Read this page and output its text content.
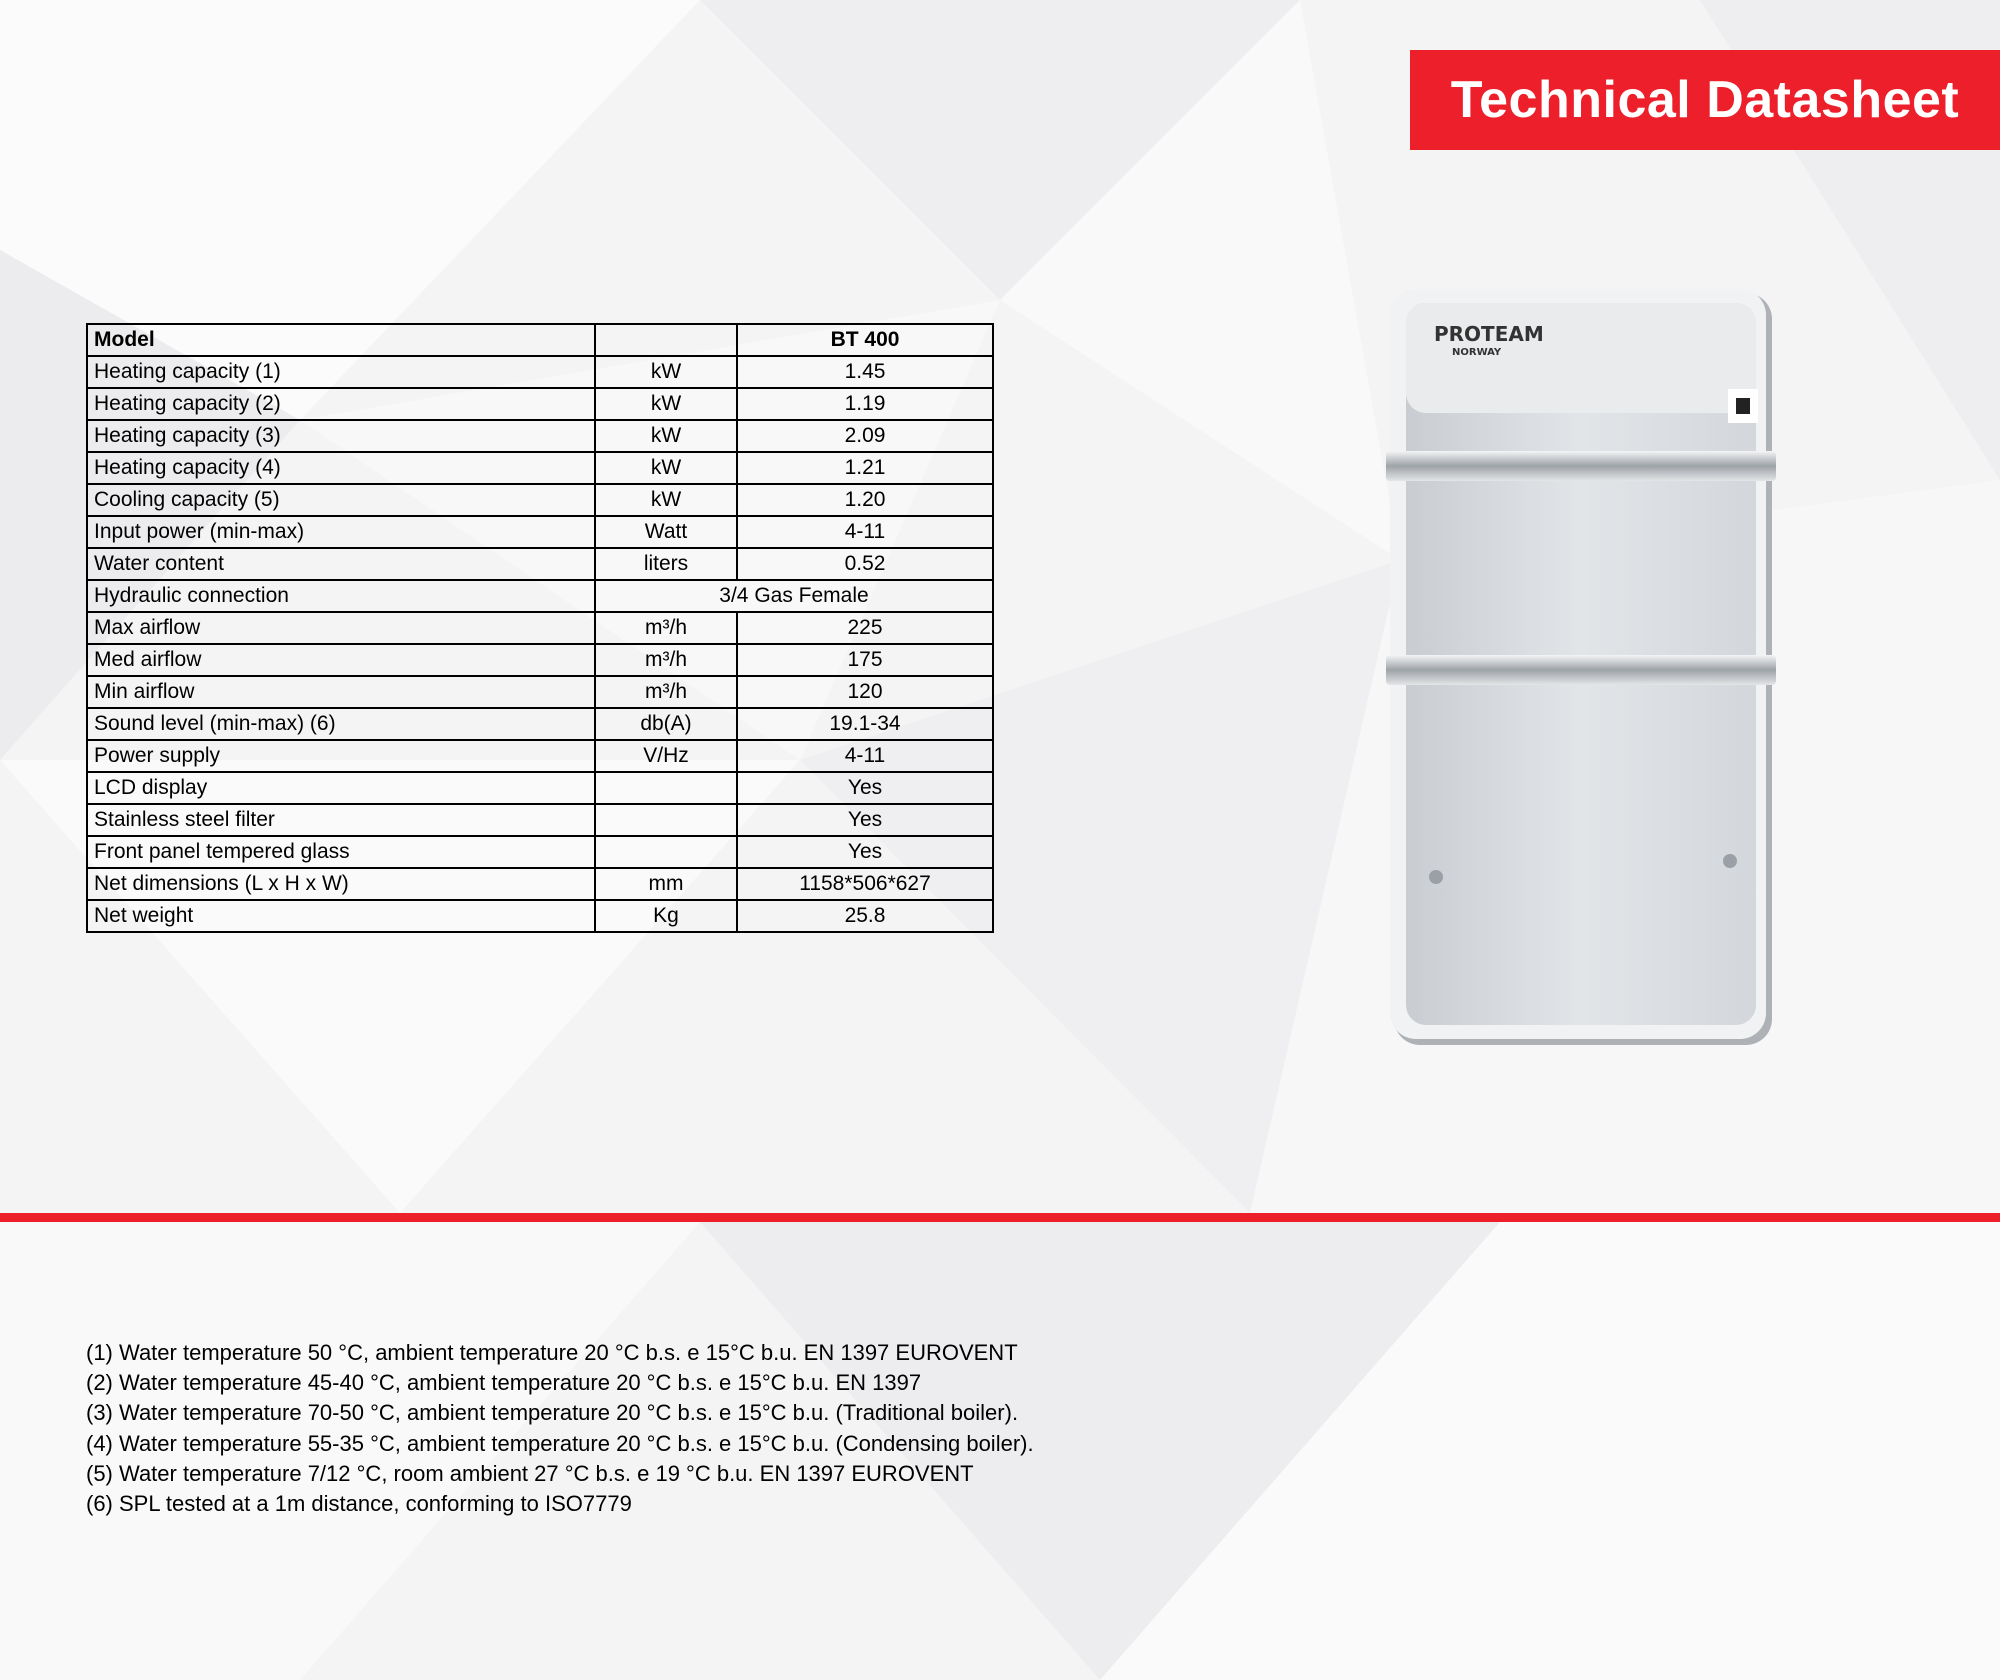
Technical Datasheet
Model		BT 400
Heating capacity (1)	kW	1.45
Heating capacity (2)	kW	1.19
Heating capacity (3)	kW	2.09
Heating capacity (4)	kW	1.21
Cooling capacity (5)	kW	1.20
Input power (min-max)	Watt	4-11
Water content	liters	0.52
Hydraulic connection	3/4 Gas Female	
Max airflow	m³/h	225
Med airflow	m³/h	175
Min airflow	m³/h	120
Sound level (min-max) (6)	db(A)	19.1-34
Power supply	V/Hz	4-11
LCD display		Yes
Stainless steel filter		Yes
Front panel tempered glass		Yes
Net dimensions (L x H x W)	mm	1158*506*627
Net weight	Kg	25.8
PROTEAM
NORWAY
(1) Water temperature 50 °C, ambient temperature 20 °C b.s. e 15°C b.u. EN 1397 EUROVENT
(2) Water temperature 45-40 °C, ambient temperature 20 °C b.s. e 15°C b.u. EN 1397
(3) Water temperature 70-50 °C, ambient temperature 20 °C b.s. e 15°C b.u. (Traditional boiler).
(4) Water temperature 55-35 °C, ambient temperature 20 °C b.s. e 15°C b.u. (Condensing boiler).
(5) Water temperature 7/12 °C, room ambient 27 °C b.s. e 19 °C b.u. EN 1397 EUROVENT
(6) SPL tested at a 1m distance, conforming to ISO7779
